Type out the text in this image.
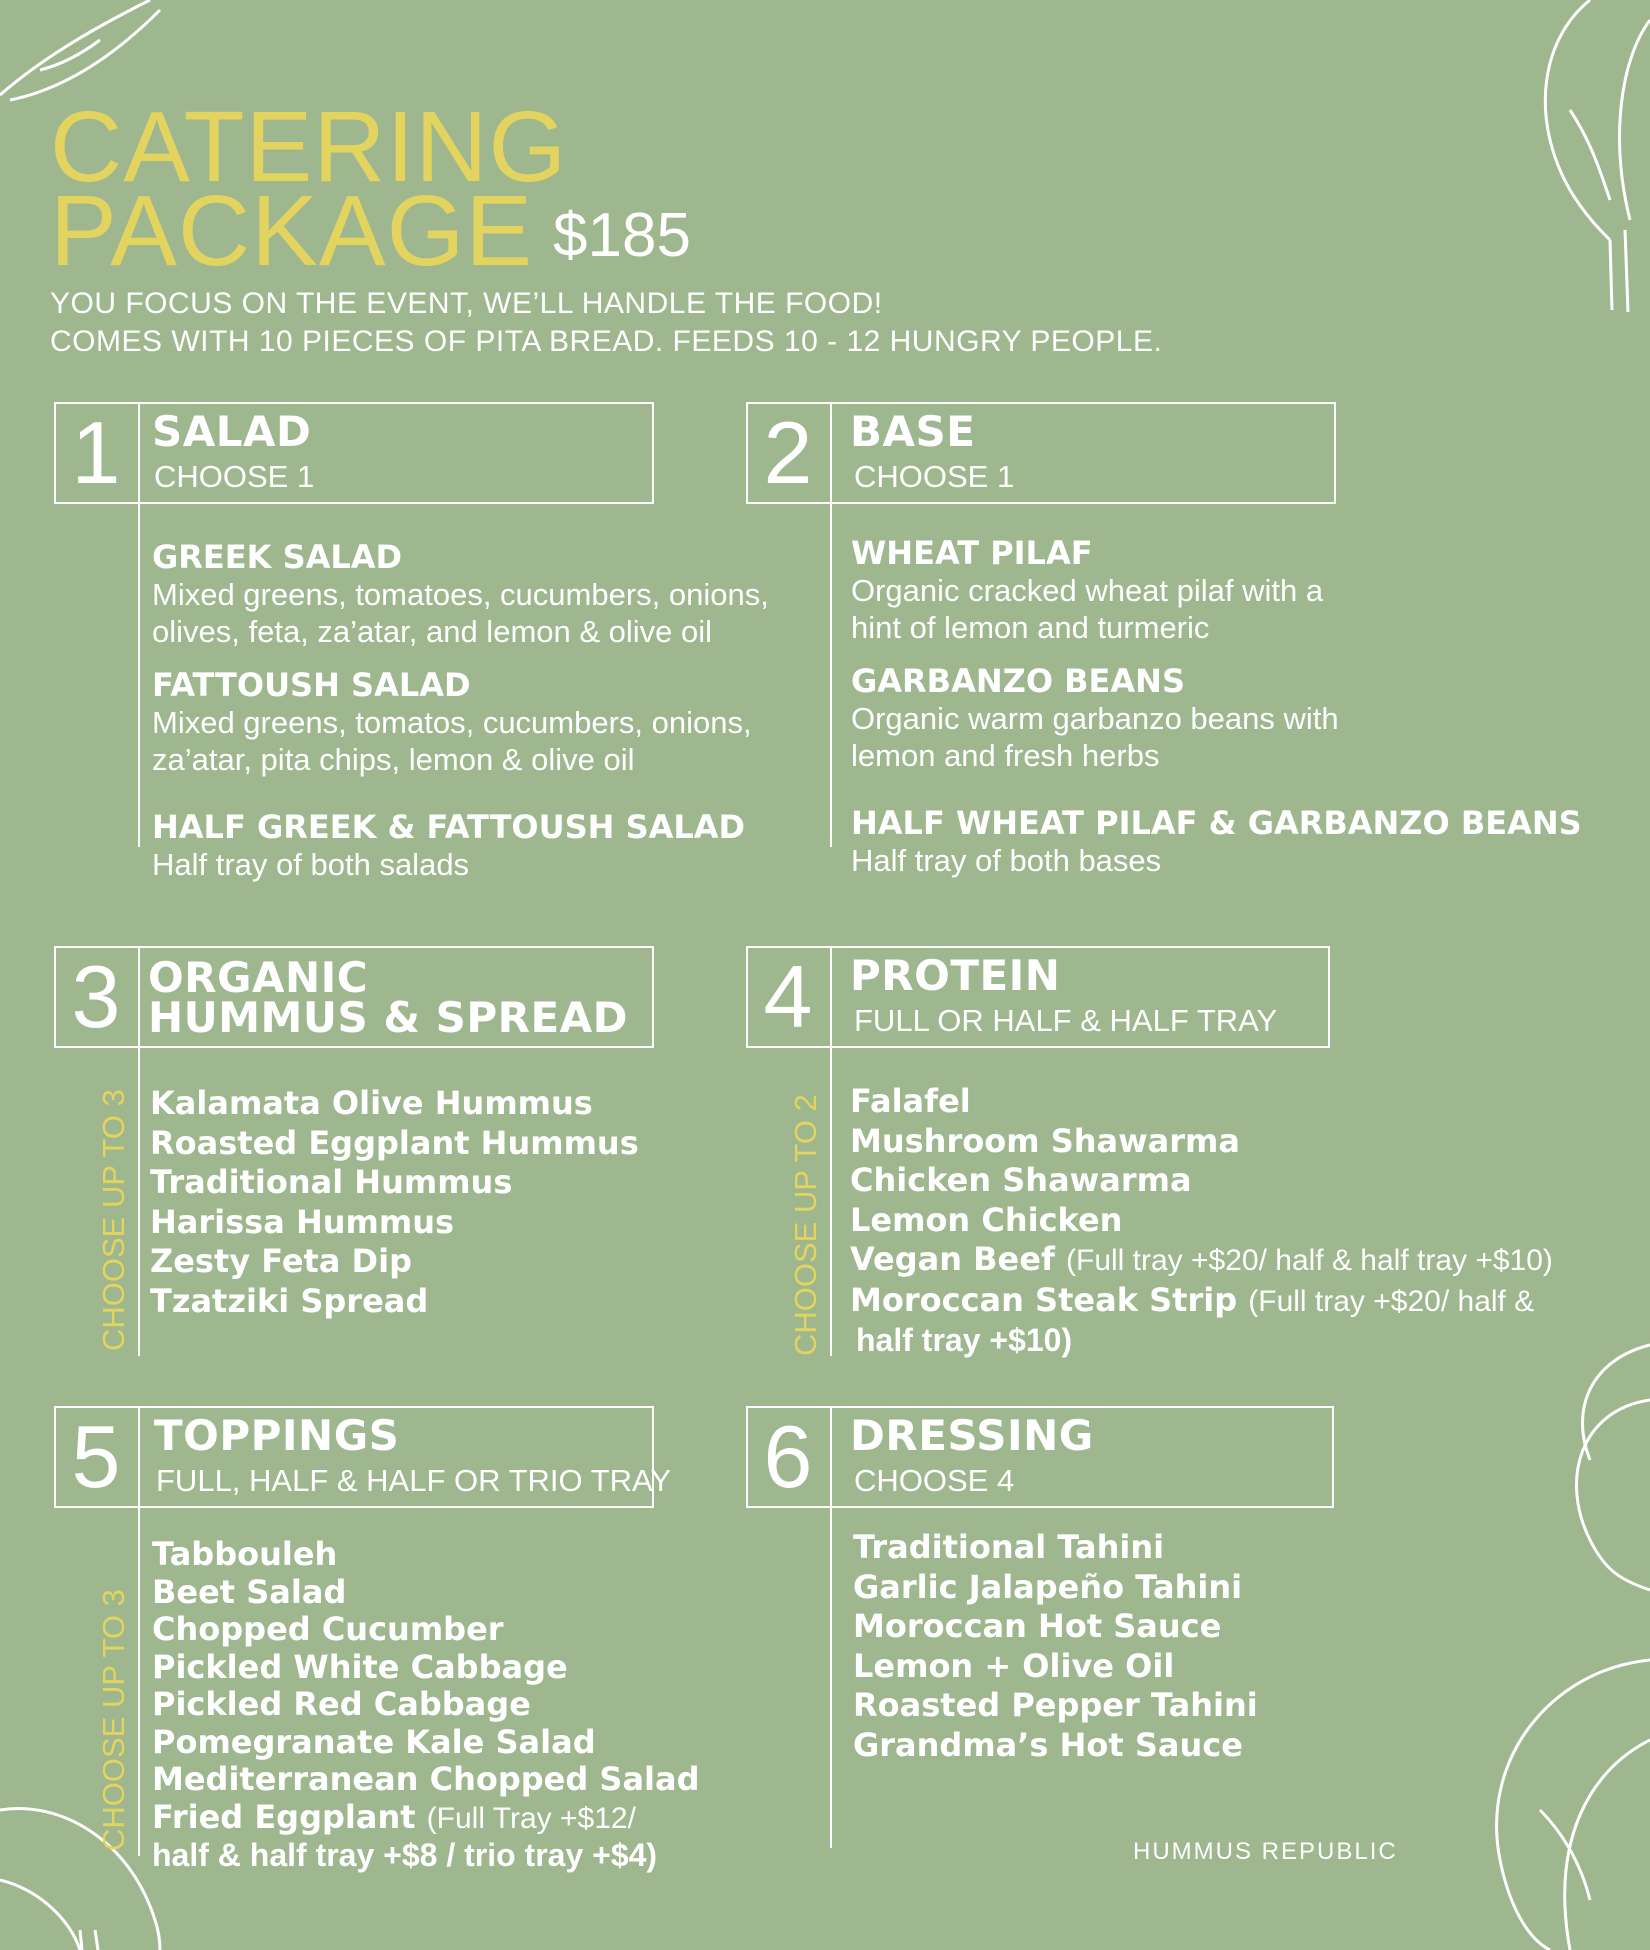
CATERING
PACKAGE $185
YOU FOCUS ON THE EVENT, WE’LL HANDLE THE FOOD!
COMES WITH 10 PIECES OF PITA BREAD. FEEDS 10 - 12 HUNGRY PEOPLE.
1 SALAD
CHOOSE 1
GREEK SALAD
Mixed greens, tomatoes, cucumbers, onions, olives, feta, za’atar, and lemon & olive oil
FATTOUSH SALAD
Mixed greens, tomatos, cucumbers, onions, za’atar, pita chips, lemon & olive oil
HALF GREEK & FATTOUSH SALAD
Half tray of both salads
2 BASE
CHOOSE 1
WHEAT PILAF
Organic cracked wheat pilaf with a hint of lemon and turmeric
GARBANZO BEANS
Organic warm garbanzo beans with lemon and fresh herbs
HALF WHEAT PILAF & GARBANZO BEANS
Half tray of both bases
3 ORGANIC
HUMMUS & SPREAD
CHOOSE UP TO 3 Kalamata Olive Hummus
Roasted Eggplant Hummus
Traditional Hummus
Harissa Hummus
Zesty Feta Dip
Tzatziki Spread
4 PROTEIN
FULL OR HALF & HALF TRAY
CHOOSE UP TO 2 Falafel
Mushroom Shawarma
Chicken Shawarma
Lemon Chicken
Vegan Beef (Full tray +$20/ half & half tray +$10)
Moroccan Steak Strip (Full tray +$20/ half &
half tray +$10)
5 TOPPINGS
FULL, HALF & HALF OR TRIO TRAY
CHOOSE UP TO 3
Tabbouleh
Beet Salad
Chopped Cucumber
Pickled White Cabbage
Pickled Red Cabbage
Pomegranate Kale Salad
Mediterranean Chopped Salad
Fried Eggplant (Full Tray +$12/
half & half tray +$8 / trio tray +$4)
6 DRESSING
CHOOSE 4
Traditional Tahini
Garlic Jalapeño Tahini
Moroccan Hot Sauce
Lemon + Olive Oil
Roasted Pepper Tahini
Grandma’s Hot Sauce
HUMMUS REPUBLIC
